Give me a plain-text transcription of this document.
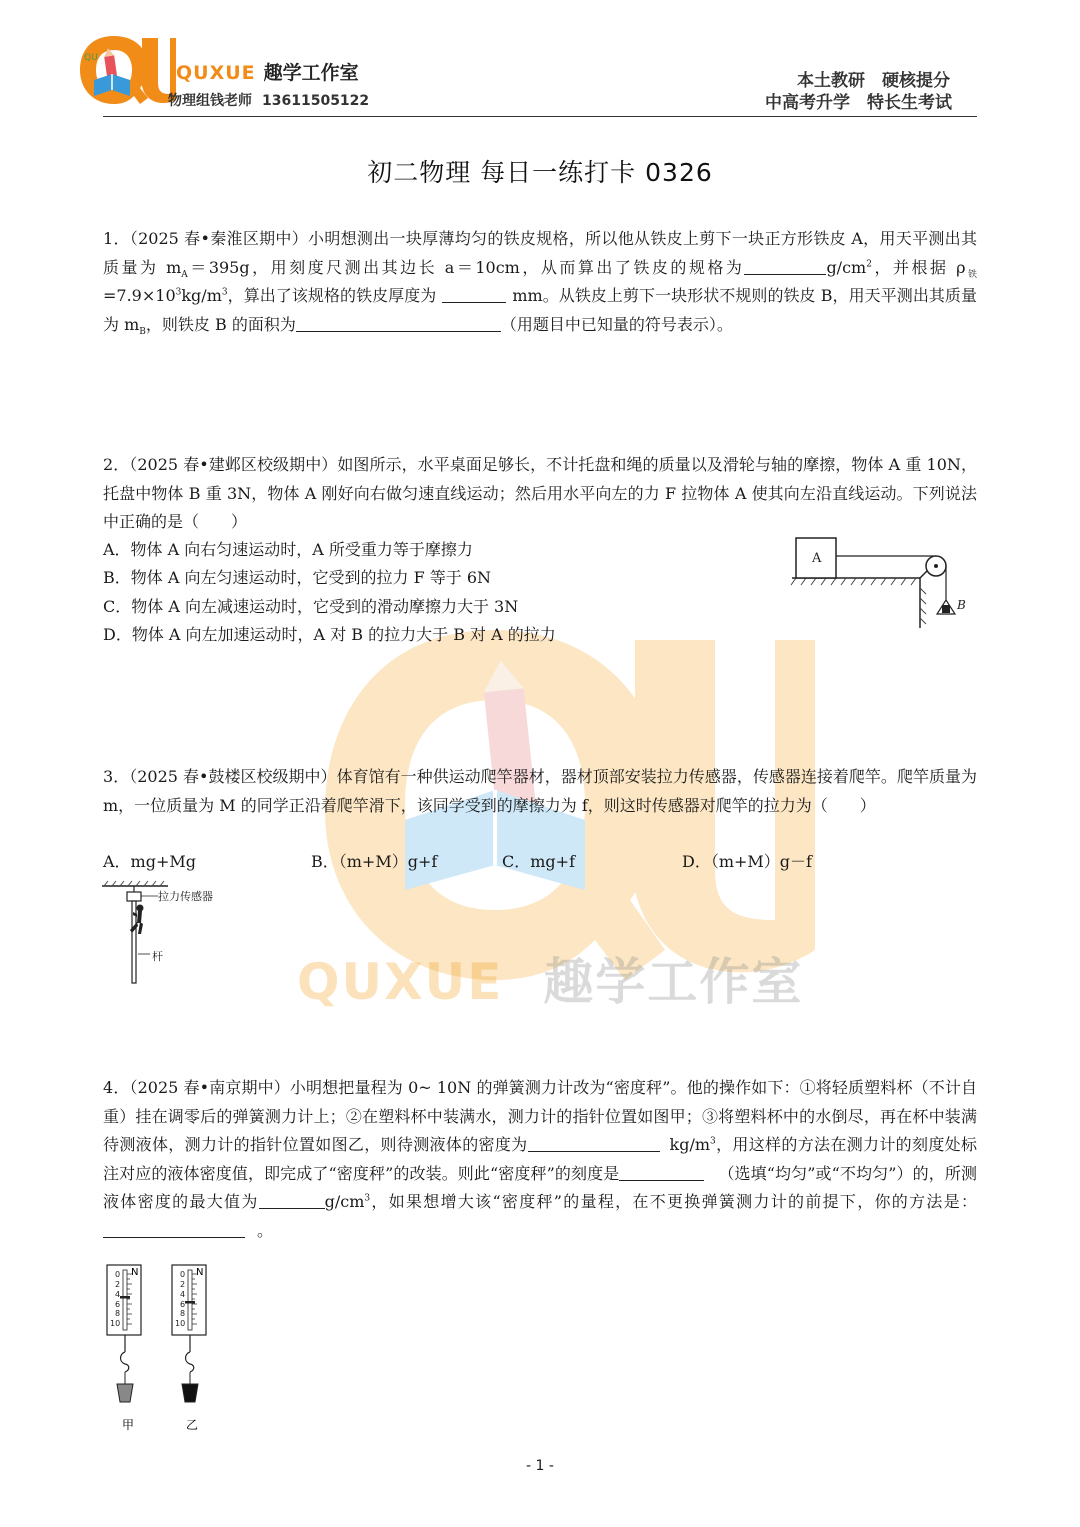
QU
QUXUE 趣学工作室
物理组钱老师 13611505122
本土教研　硬核提分
中高考升学　特长生考试
初二物理 每日一练打卡 0326
QUXUE 趣学工作室

1．（2025 春•秦淮区期中）小明想测出一块厚薄均匀的铁皮规格，所以他从铁皮上剪下一块正方形铁皮 A，用天平测出其质量为 $m_A=395g$，用刻度尺测出其边长 a＝10cm，从而算出了铁皮的规格为	$g/cm^2$，并根据 $\rho_铁=7.9\times 10^3kg/m^3$，算出了该规格的铁皮厚度为	mm。从铁皮上剪下一块形状不规则的铁皮 B，用天平测出其质量为 $m_B$，则铁皮 B 的面积为	（用题目中已知量的符号表示）。

2．（2025 春•建邺区校级期中）如图所示，水平桌面足够长，不计托盘和绳的质量以及滑轮与轴的摩擦，物体 A 重 10N，托盘中物体 B 重 3N，物体 A 刚好向右做匀速直线运动；然后用水平向左的力 F 拉物体 A 使其向左沿直线运动。下列说法中正确的是（　　）

A．物体 A 向右匀速运动时，A 所受重力等于摩擦力
B．物体 A 向左匀速运动时，它受到的拉力 F 等于 6N
C．物体 A 向左减速运动时，它受到的滑动摩擦力大于 3N
D．物体 A 向左加速运动时，A 对 B 的拉力大于 B 对 A 的拉力
A
B

3．（2025 春•鼓楼区校级期中）体育馆有一种供运动爬竿器材，器材顶部安装拉力传感器，传感器连接着爬竿。爬竿质量为 m，一位质量为 M 的同学正沿着爬竿滑下，该同学受到的摩擦力为 f，则这时传感器对爬竿的拉力为（　　）

A．mg+Mg	B．（m+M）g+f	C．mg+f	D．（m+M）g－f
拉力传感器
杆

4．（2025 春•南京期中）小明想把量程为 0~ 10N 的弹簧测力计改为“密度秤”。他的操作如下：①将轻质塑料杯（不计自重）挂在调零后的弹簧测力计上；②在塑料杯中装满水，测力计的指针位置如图甲；③将塑料杯中的水倒尽，再在杯中装满待测液体，测力计的指针位置如图乙，则待测液体的密度为	$kg/m^3$，用这样的方法在测力计的刻度处标注对应的液体密度值，即完成了“密度秤”的改装。则此“密度秤”的刻度是	（选填“均匀”或“不均匀”）的，所测液体密度的最大值为	$g/cm^3$，如果想增大该“密度秤”的量程，在不更换弹簧测力计的前提下，你的方法是：。

N
0
2
4
6
8
10
甲
N
0
2
4
6
8
10
乙
- 1 -
